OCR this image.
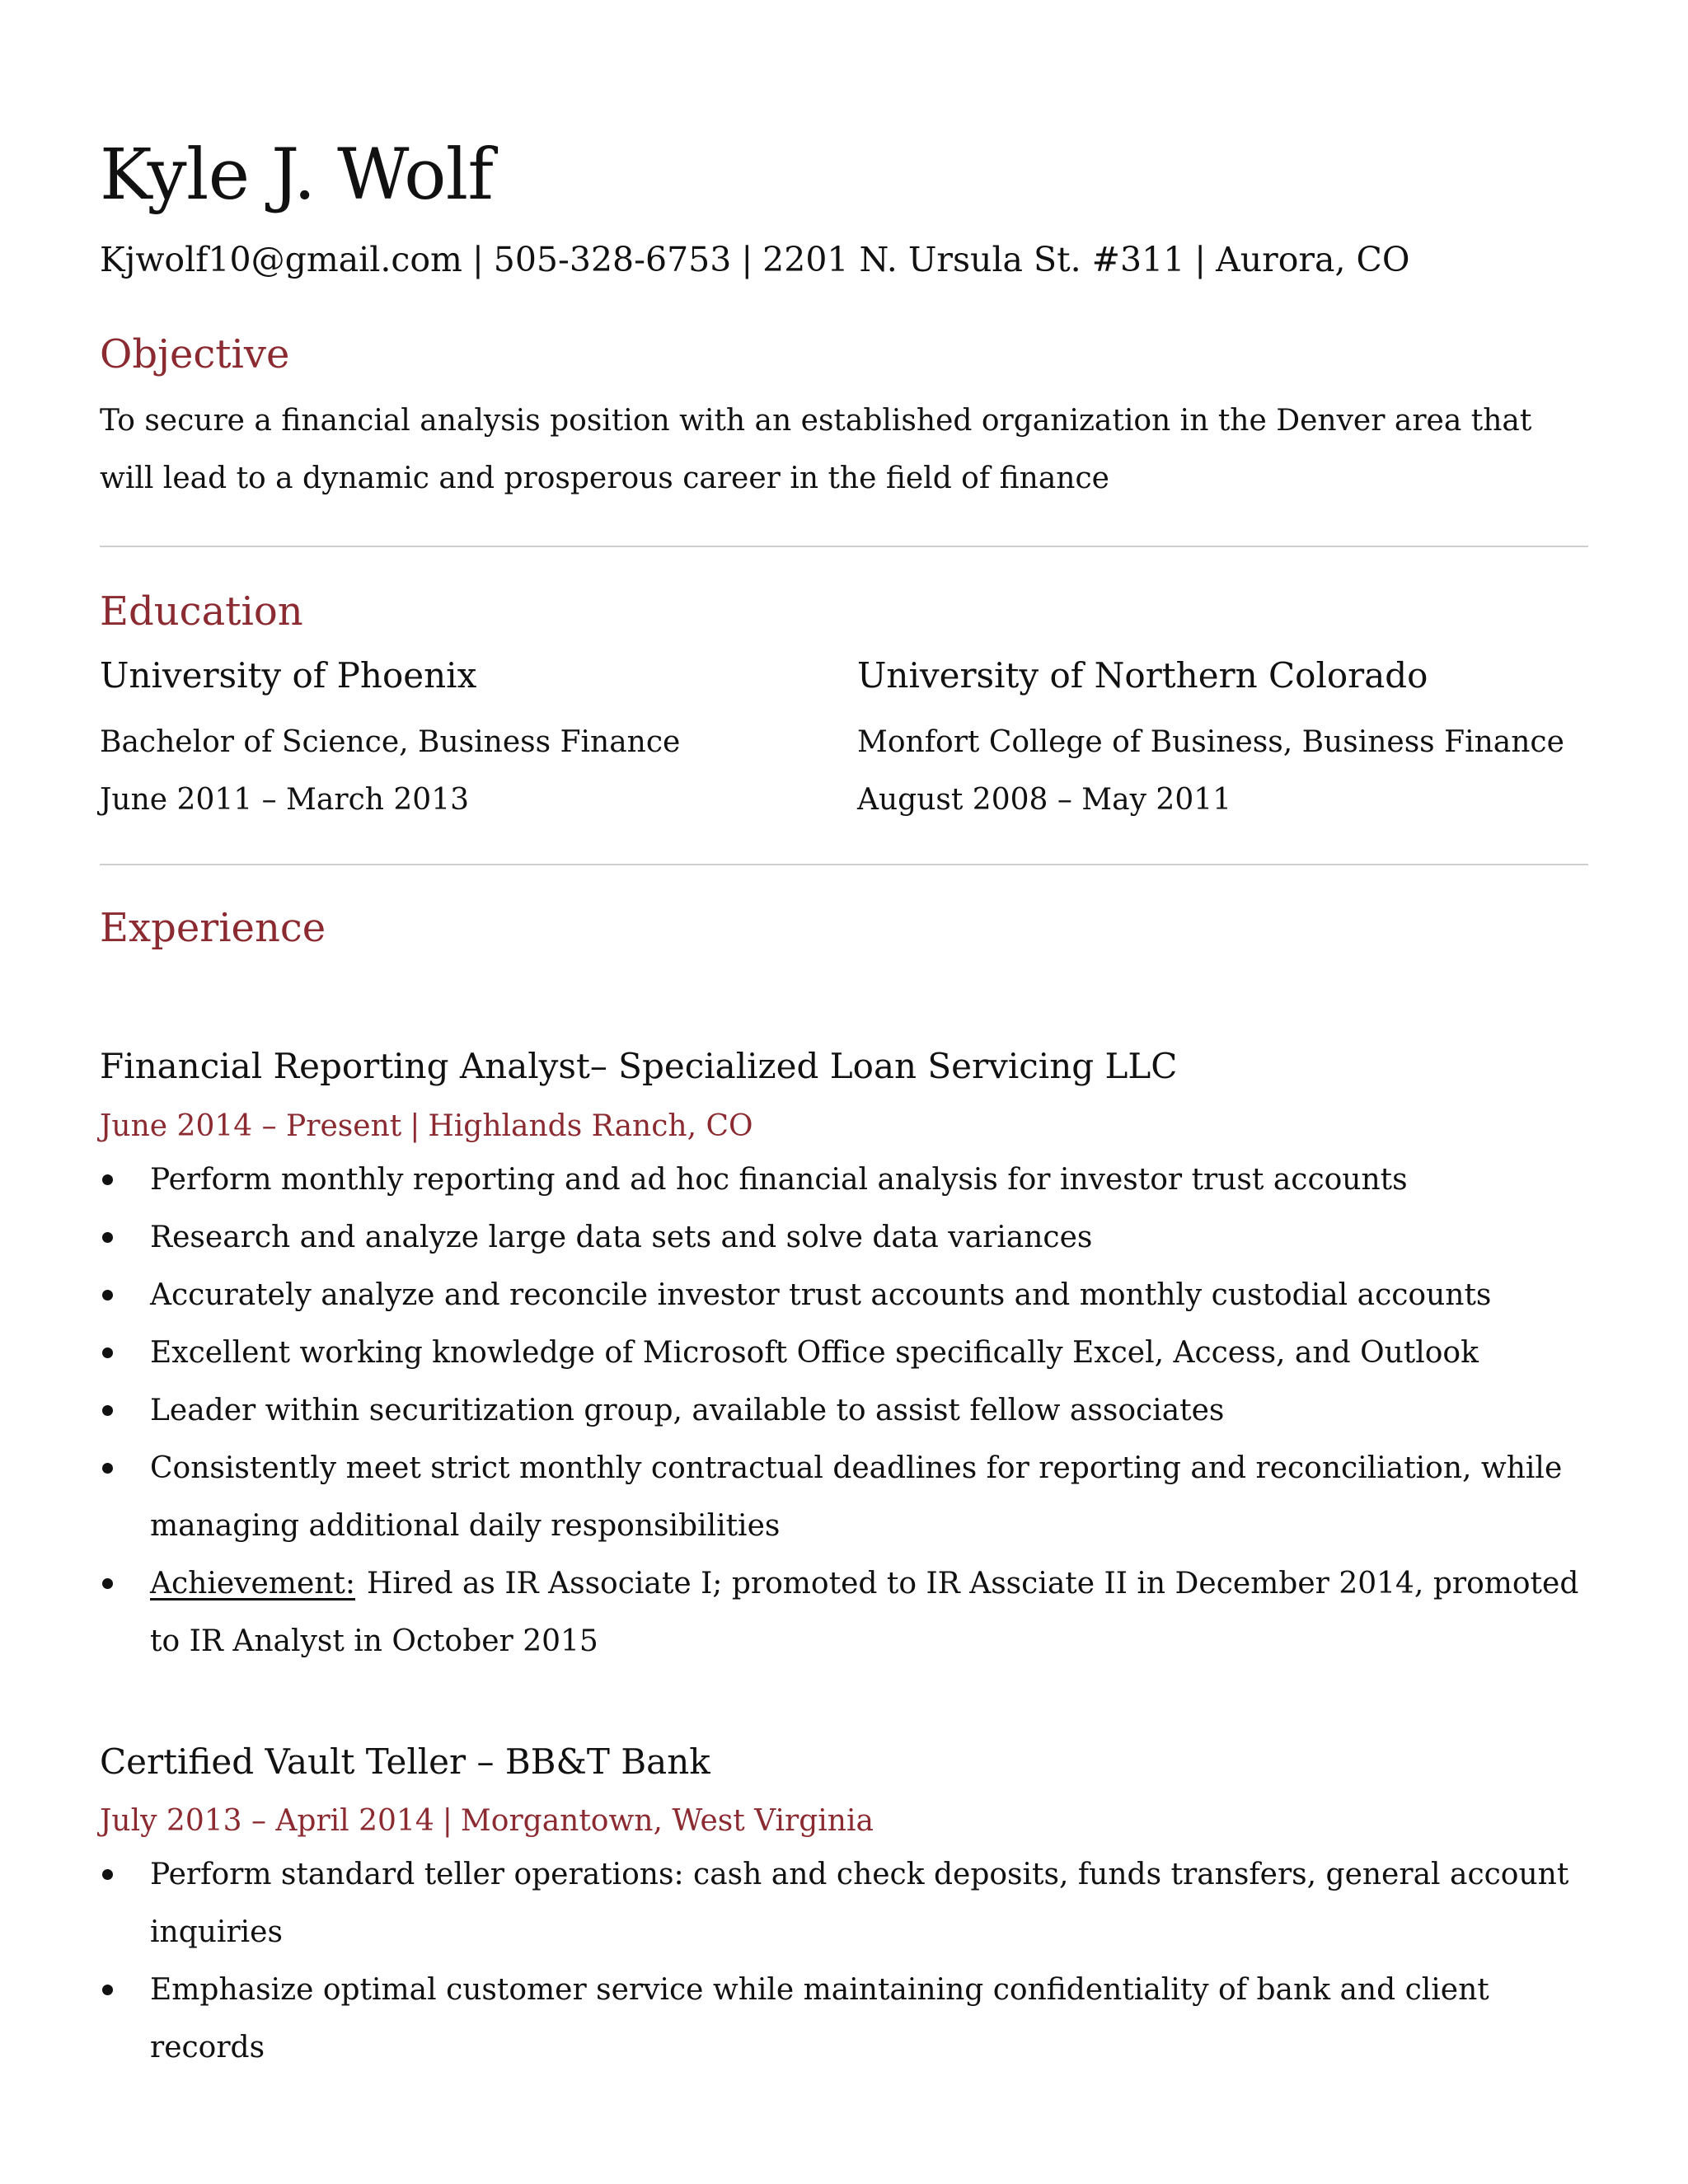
Kyle J. Wolf
Kjwolf10@gmail.com | 505-328-6753 | 2201 N. Ursula St. #311 | Aurora, CO
Objective
To secure a financial analysis position with an established organization in the Denver area that will lead to a dynamic and prosperous career in the field of finance
Education
University of Phoenix
Bachelor of Science, Business Finance
June 2011 – March 2013
University of Northern Colorado
Monfort College of Business, Business Finance
August 2008 – May 2011
Experience
Financial Reporting Analyst– Specialized Loan Servicing LLC
June 2014 – Present | Highlands Ranch, CO
Perform monthly reporting and ad hoc financial analysis for investor trust accounts
Research and analyze large data sets and solve data variances
Accurately analyze and reconcile investor trust accounts and monthly custodial accounts
Excellent working knowledge of Microsoft Office specifically Excel, Access, and Outlook
Leader within securitization group, available to assist fellow associates
Consistently meet strict monthly contractual deadlines for reporting and reconciliation, while managing additional daily responsibilities
Achievement: Hired as IR Associate I; promoted to IR Assciate II in December 2014, promoted to IR Analyst in October 2015
Certified Vault Teller – BB&T Bank
July 2013 – April 2014 | Morgantown, West Virginia
Perform standard teller operations: cash and check deposits, funds transfers, general account inquiries
Emphasize optimal customer service while maintaining confidentiality of bank and client records
